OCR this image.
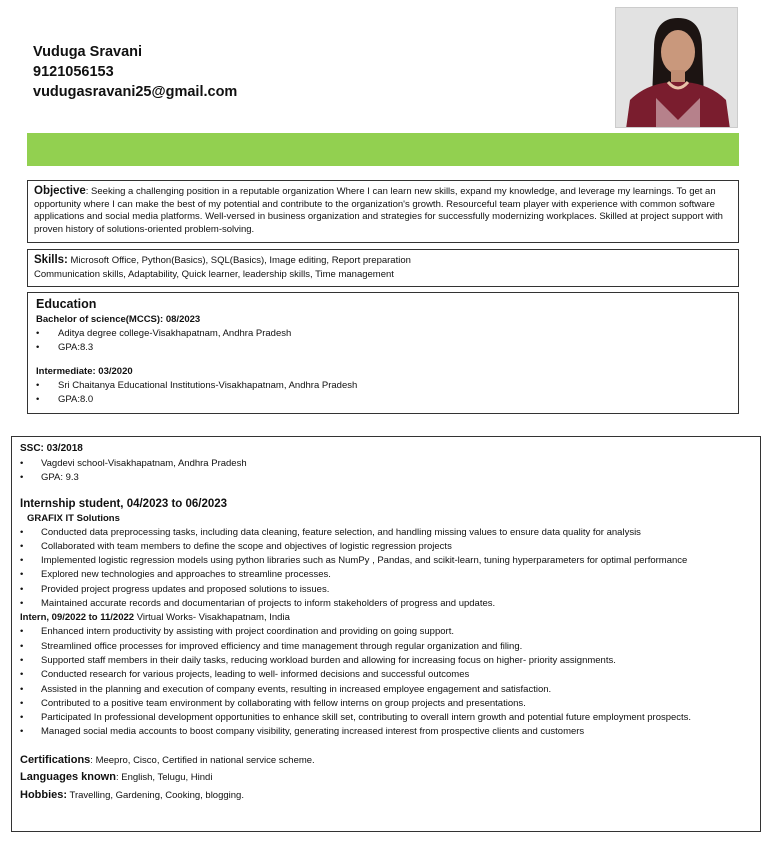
Vuduga Sravani
9121056153
vudugasravani25@gmail.com
Objective: Seeking a challenging position in a reputable organization Where I can learn new skills, expand my knowledge, and leverage my learnings. To get an opportunity where I can make the best of my potential and contribute to the organization's growth. Resourceful team player with experience with common software applications and social media platforms. Well-versed in business organization and strategies for successfully modernizing workplaces. Skilled at project support with proven history of solutions-oriented problem-solving.
Skills: Microsoft Office, Python(Basics), SQL(Basics), Image editing, Report preparation
Communication skills, Adaptability, Quick learner, leadership skills, Time management
Education
Bachelor of science(MCCS): 08/2023
• Aditya degree college-Visakhapatnam, Andhra Pradesh
• GPA:8.3
Intermediate: 03/2020
• Sri Chaitanya Educational Institutions-Visakhapatnam, Andhra Pradesh
• GPA:8.0
SSC: 03/2018
• Vagdevi school-Visakhapatnam, Andhra Pradesh
• GPA: 9.3
Internship student, 04/2023 to 06/2023
GRAFIX IT Solutions
• Conducted data preprocessing tasks, including data cleaning, feature selection, and handling missing values to ensure data quality for analysis
• Collaborated with team members to define the scope and objectives of logistic regression projects
• Implemented logistic regression models using python libraries such as NumPy , Pandas, and scikit-learn, tuning hyperparameters for optimal performance
• Explored new technologies and approaches to streamline processes.
• Provided project progress updates and proposed solutions to issues.
• Maintained accurate records and documentarian of projects to inform stakeholders of progress and updates.
Intern, 09/2022 to 11/2022 Virtual Works- Visakhapatnam, India
• Enhanced intern productivity by assisting with project coordination and providing on going support.
• Streamlined office processes for improved efficiency and time management through regular organization and filing.
• Supported staff members in their daily tasks, reducing workload burden and allowing for increasing focus on higher- priority assignments.
• Conducted research for various projects, leading to well- informed decisions and successful outcomes
• Assisted in the planning and execution of company events, resulting in increased employee engagement and satisfaction.
• Contributed to a positive team environment by collaborating with fellow interns on group projects and presentations.
• Participated In professional development opportunities to enhance skill set, contributing to overall intern growth and potential future employment prospects.
• Managed social media accounts to boost company visibility, generating increased interest from prospective clients and customers
Certifications: Meepro, Cisco, Certified in national service scheme.
Languages known: English, Telugu, Hindi
Hobbies: Travelling, Gardening, Cooking, blogging.
